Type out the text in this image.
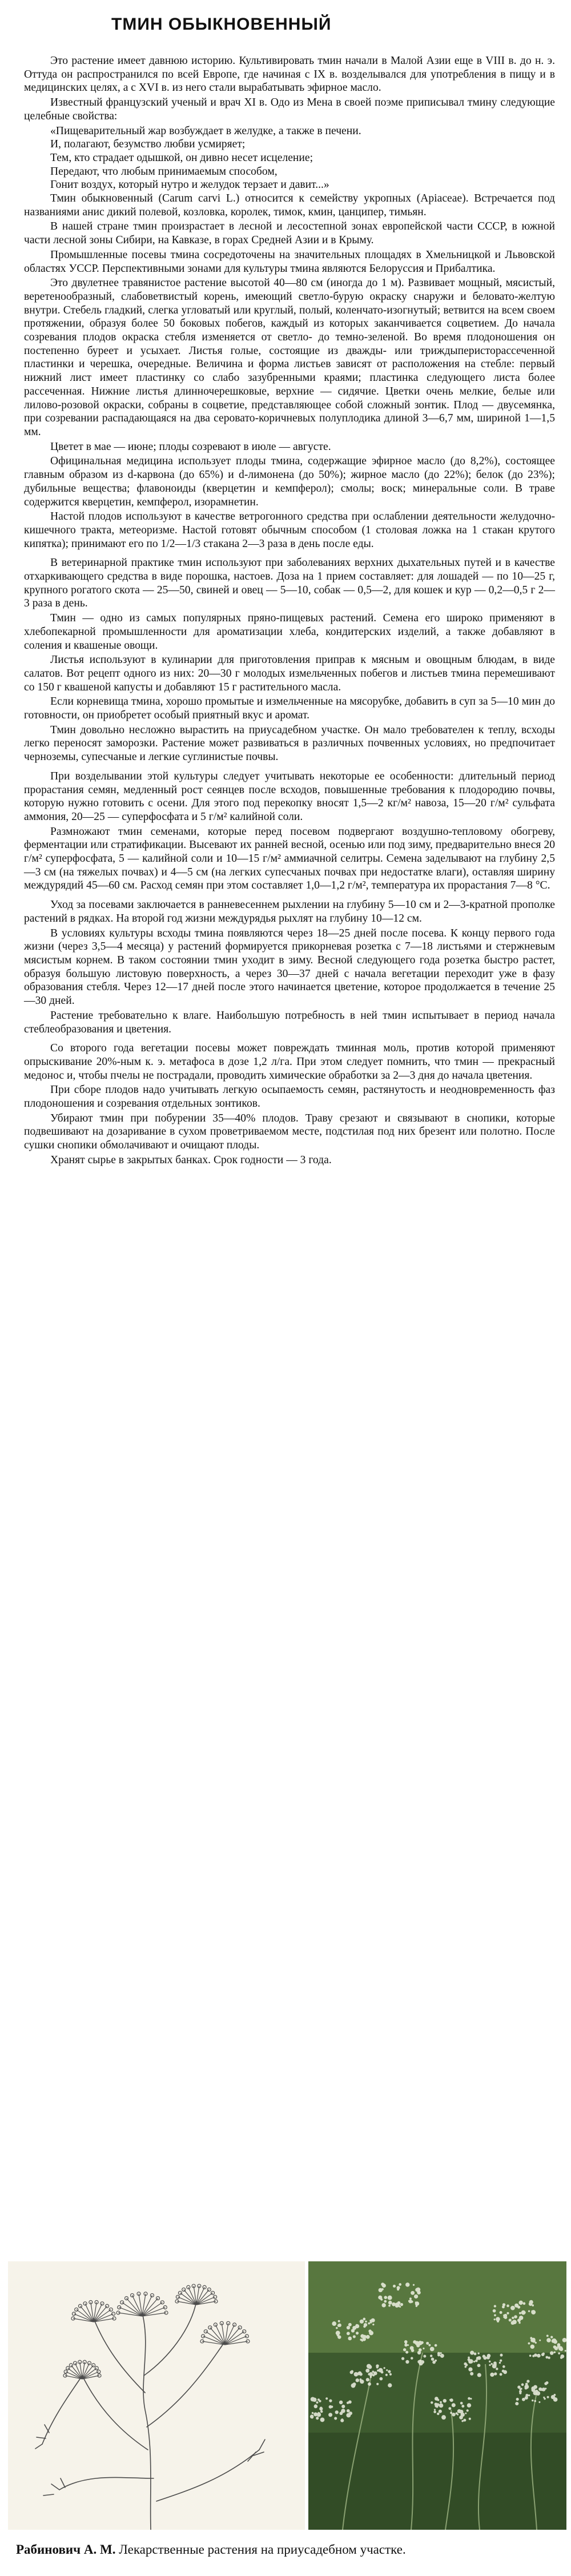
ТМИН ОБЫКНОВЕННЫЙ

Это растение имеет давнюю историю. Культивировать тмин начали в Малой Азии еще в VIII в. до н. э. Оттуда он распространился по всей Европе, где начиная с IX в. возделывался для употребления в пищу и в медицинских целях, а с XVI в. из него стали вырабатывать эфирное масло.

Известный французский ученый и врач XI в. Одо из Мена в своей поэме приписывал тмину следующие целебные свойства:

«Пищеварительный жар возбуждает в желудке, а также в печени.

И, полагают, безумство любви усмиряет;

Тем, кто страдает одышкой, он дивно несет исцеление;

Передают, что любым принимаемым способом,

Гонит воздух, который нутро и желудок терзает и давит...»

Тмин обыкновенный (Carum carvi L.) относится к семейству укропных (Apiaceae). Встречается под названиями анис дикий полевой, козловка, королек, тимок, кмин, цанципер, тимьян.

В нашей стране тмин произрастает в лесной и лесостепной зонах европейской части СССР, в южной части лесной зоны Сибири, на Кавказе, в горах Средней Азии и в Крыму.

Промышленные посевы тмина сосредоточены на значительных площадях в Хмельницкой и Львовской областях УССР. Перспективными зонами для культуры тмина являются Белоруссия и Прибалтика.

Это двулетнее травянистое растение высотой 40—80 см (иногда до 1 м). Развивает мощный, мясистый, веретенообразный, слабоветвистый корень, имеющий светло-бурую окраску снаружи и беловато-желтую внутри. Стебель гладкий, слегка угловатый или круглый, полый, коленчато-изогнутый; ветвится на всем своем протяжении, образуя более 50 боковых побегов, каждый из которых заканчивается соцветием. До начала созревания плодов окраска стебля изменяется от светло- до темно-зеленой. Во время плодоношения он постепенно буреет и усыхает. Листья голые, состоящие из дважды- или триждыперисторассеченной пластинки и черешка, очередные. Величина и форма листьев зависят от расположения на стебле: первый нижний лист имеет пластинку со слабо зазубренными краями; пластинка следующего листа более рассеченная. Нижние листья длинночерешковые, верхние — сидячие. Цветки очень мелкие, белые или лилово-розовой окраски, собраны в соцветие, представляющее собой сложный зонтик. Плод — двусемянка, при созревании распадающаяся на два серовато-коричневых полуплодика длиной 3—6,7 мм, шириной 1—1,5 мм.

Цветет в мае — июне; плоды созревают в июле — августе.

Официнальная медицина использует плоды тмина, содержащие эфирное масло (до 8,2%), состоящее главным образом из d-карвона (до 65%) и d-лимонена (до 50%); жирное масло (до 22%); белок (до 23%); дубильные вещества; флавоноиды (кверцетин и кемпферол); смолы; воск; минеральные соли. В траве содержится кверцетин, кемпферол, изорамнетин.

Настой плодов используют в качестве ветрогонного средства при ослаблении деятельности желудочно-кишечного тракта, метеоризме. Настой готовят обычным способом (1 столовая ложка на 1 стакан крутого кипятка); принимают его по 1/2—1/3 стакана 2—3 раза в день после еды.

В ветеринарной практике тмин используют при заболеваниях верхних дыхательных путей и в качестве отхаркивающего средства в виде порошка, настоев. Доза на 1 прием составляет: для лошадей — по 10—25 г, крупного рогатого скота — 25—50, свиней и овец — 5—10, собак — 0,5—2, для кошек и кур — 0,2—0,5 г 2—3 раза в день.

Тмин — одно из самых популярных пряно-пищевых растений. Семена его широко применяют в хлебопекарной промышленности для ароматизации хлеба, кондитерских изделий, а также добавляют в соления и квашеные овощи.

Листья используют в кулинарии для приготовления приправ к мясным и овощным блюдам, в виде салатов. Вот рецепт одного из них: 20—30 г молодых измельченных побегов и листьев тмина перемешивают со 150 г квашеной капусты и добавляют 15 г растительного масла.

Если корневища тмина, хорошо промытые и измельченные на мясорубке, добавить в суп за 5—10 мин до готовности, он приобретет особый приятный вкус и аромат.

Тмин довольно несложно вырастить на приусадебном участке. Он мало требователен к теплу, всходы легко переносят заморозки. Растение может развиваться в различных почвенных условиях, но предпочитает черноземы, супесчаные и легкие суглинистые почвы.

При возделывании этой культуры следует учитывать некоторые ее особенности: длительный период прорастания семян, медленный рост сеянцев после всходов, повышенные требования к плодородию почвы, которую нужно готовить с осени. Для этого под перекопку вносят 1,5—2 кг/м² навоза, 15—20 г/м² сульфата аммония, 20—25 — суперфосфата и 5 г/м² калийной соли.

Размножают тмин семенами, которые перед посевом подвергают воздушно-тепловому обогреву, ферментации или стратификации. Высевают их ранней весной, осенью или под зиму, предварительно внеся 20 г/м² суперфосфата, 5 — калийной соли и 10—15 г/м² аммиачной селитры. Семена заделывают на глубину 2,5—3 см (на тяжелых почвах) и 4—5 см (на легких супесчаных почвах при недостатке влаги), оставляя ширину междурядий 45—60 см. Расход семян при этом составляет 1,0—1,2 г/м², температура их прорастания 7—8 °С.

Уход за посевами заключается в ранневесеннем рыхлении на глубину 5—10 см и 2—3-кратной прополке растений в рядках. На второй год жизни междурядья рыхлят на глубину 10—12 см.

В условиях культуры всходы тмина появляются через 18—25 дней после посева. К концу первого года жизни (через 3,5—4 месяца) у растений формируется прикорневая розетка с 7—18 листьями и стержневым мясистым корнем. В таком состоянии тмин уходит в зиму. Весной следующего года розетка быстро растет, образуя большую листовую поверхность, а через 30—37 дней с начала вегетации переходит уже в фазу образования стебля. Через 12—17 дней после этого начинается цветение, которое продолжается в течение 25—30 дней.

Растение требовательно к влаге. Наибольшую потребность в ней тмин испытывает в период начала стеблеобразования и цветения.

Со второго года вегетации посевы может повреждать тминная моль, против которой применяют опрыскивание 20%-ным к. э. метафоса в дозе 1,2 л/га. При этом следует помнить, что тмин — прекрасный медонос и, чтобы пчелы не пострадали, проводить химические обработки за 2—3 дня до начала цветения.

При сборе плодов надо учитывать легкую осыпаемость семян, растянутость и неодновременность фаз плодоношения и созревания отдельных зонтиков.

Убирают тмин при побурении 35—40% плодов. Траву срезают и связывают в снопики, которые подвешивают на дозаривание в сухом проветриваемом месте, подстилая под них брезент или полотно. После сушки снопики обмолачивают и очищают плоды.

Хранят сырье в закрытых банках. Срок годности — 3 года.

Рабинович А. М. Лекарственные растения на приусадебном участке.
